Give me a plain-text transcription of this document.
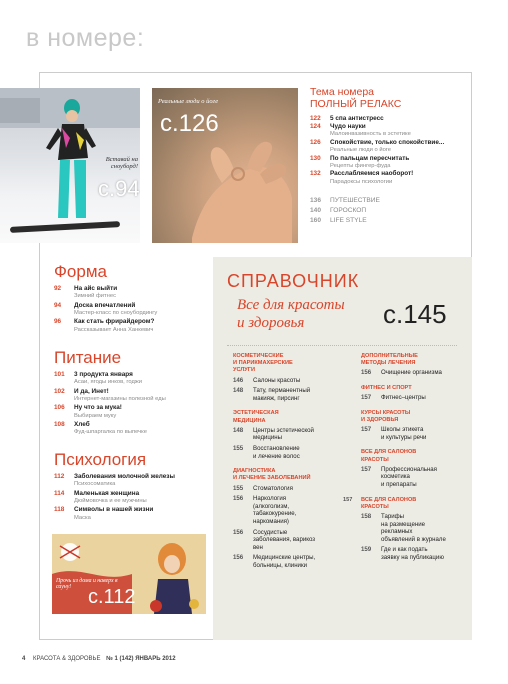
в номере:
Вставай на сноуборд!
c.94
Реальные люди о йоге
c.126
Тема номера
ПОЛНЫЙ РЕЛАКС
122 5 спа антистресс
124 Чудо науки
Малоинвазивность в эстетике
126 Спокойствие, только спокойствие...
Реальные люди о йоге
130 По пальцам пересчитать
Рецепты фингер-фуда
132 Расслабляемся наоборот!
Парадоксы психологии
136 ПУТЕШЕСТВИЕ
140 ГОРОСКОП
160 LIFE STYLE
Форма
92 На айс выйти
Зимний фитнес
94 Доска впечатлений
Мастер-класс по сноубордингу
96 Как стать фрирайдером?
Рассказывает Анна Ханкевич
Питание
101 3 продукта января
Асаи, ягоды инков, годжи
102 И да, Инет!
Интернет-магазины полезной еды
106 Ну что за мука!
Выбираем муку
108 Хлеб
Фуд-шпаргалка по выпечке
Психология
112 Заболевания молочной железы
Психосоматика
114 Маленькая женщина
Дюймовочка и ее мужчины
118 Символы в нашей жизни
Маска
Прочь из дома и наверх в сауну! c.112
СПРАВОЧНИК
Все для красоты
и здоровья	c.145
КОСМЕТИЧЕСКИЕ
И ПАРИКМАХЕРСКИЕ
УСЛУГИ
146 Салоны красоты
148 Тату, перманентный
макияж, пирсинг
ЭСТЕТИЧЕСКАЯ
МЕДИЦИНА
148 Центры эстетической
медицины
155 Восстановление
и лечение волос
ДИАГНОСТИКА
И ЛЕЧЕНИЕ ЗАБОЛЕВАНИЙ
155 Стоматология
156 Наркология
(алкоголизм,
табакокурение,
наркомания)
156 Сосудистые
заболевания, варикоз
вен
156 Медицинские центры,
больницы, клиники
ДОПОЛНИТЕЛЬНЫЕ
МЕТОДЫ ЛЕЧЕНИЯ
156 Очищение организма
ФИТНЕС И СПОРТ
157 Фитнес–центры
КУРСЫ КРАСОТЫ
И ЗДОРОВЬЯ
157 Школы этикета
и культуры речи
ВСЕ ДЛЯ САЛОНОВ
КРАСОТЫ
157 Профессиональная
косметика
и препараты
157 ВСЕ ДЛЯ САЛОНОВ
КРАСОТЫ
158 Тарифы
на размещение
рекламных
объявлений в журнале
159 Где и как подать
заявку на публикацию
4 КРАСОТА & ЗДОРОВЬЕ № 1 (142) ЯНВАРЬ 2012
